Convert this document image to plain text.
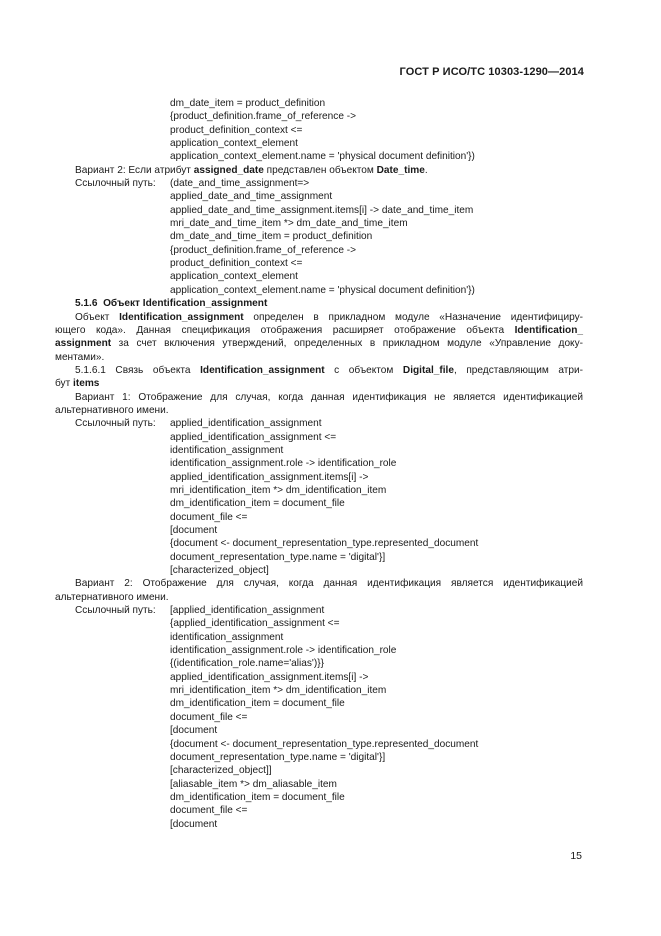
ГОСТ Р ИСО/ТС 10303-1290—2014
dm_date_item = product_definition
{product_definition.frame_of_reference ->
product_definition_context <=
application_context_element
application_context_element.name = 'physical document definition'})
Вариант 2: Если атрибут assigned_date представлен объектом Date_time.
Ссылочный путь:	(date_and_time_assignment=>
applied_date_and_time_assignment
applied_date_and_time_assignment.items[i] -> date_and_time_item
mri_date_and_time_item *> dm_date_and_time_item
dm_date_and_time_item = product_definition
{product_definition.frame_of_reference ->
product_definition_context <=
application_context_element
application_context_element.name = 'physical document definition'})
5.1.6 Объект Identification_assignment
Объект Identification_assignment определен в прикладном модуле «Назначение идентифициру-
ющего кода». Данная спецификация отображения расширяет отображение объекта Identification_
assignment за счет включения утверждений, определенных в прикладном модуле «Управление доку-
ментами».
5.1.6.1 Связь объекта Identification_assignment с объектом Digital_file, представляющим атри-
бут items
Вариант 1: Отображение для случая, когда данная идентификация не является идентификацией
альтернативного имени.
Ссылочный путь:	applied_identification_assignment
applied_identification_assignment <=
identification_assignment
identification_assignment.role -> identification_role
applied_identification_assignment.items[i] ->
mri_identification_item *> dm_identification_item
dm_identification_item = document_file
document_file <=
[document
{document <- document_representation_type.represented_document
document_representation_type.name = 'digital'}]
[characterized_object]
Вариант 2: Отображение для случая, когда данная идентификация является идентификацией
альтернативного имени.
Ссылочный путь:	[applied_identification_assignment
{applied_identification_assignment <=
identification_assignment
identification_assignment.role -> identification_role
{(identification_role.name='alias')}}
applied_identification_assignment.items[i] ->
mri_identification_item *> dm_identification_item
dm_identification_item = document_file
document_file <=
[document
{document <- document_representation_type.represented_document
document_representation_type.name = 'digital'}]
[characterized_object]]
[aliasable_item *> dm_aliasable_item
dm_identification_item = document_file
document_file <=
[document
15
